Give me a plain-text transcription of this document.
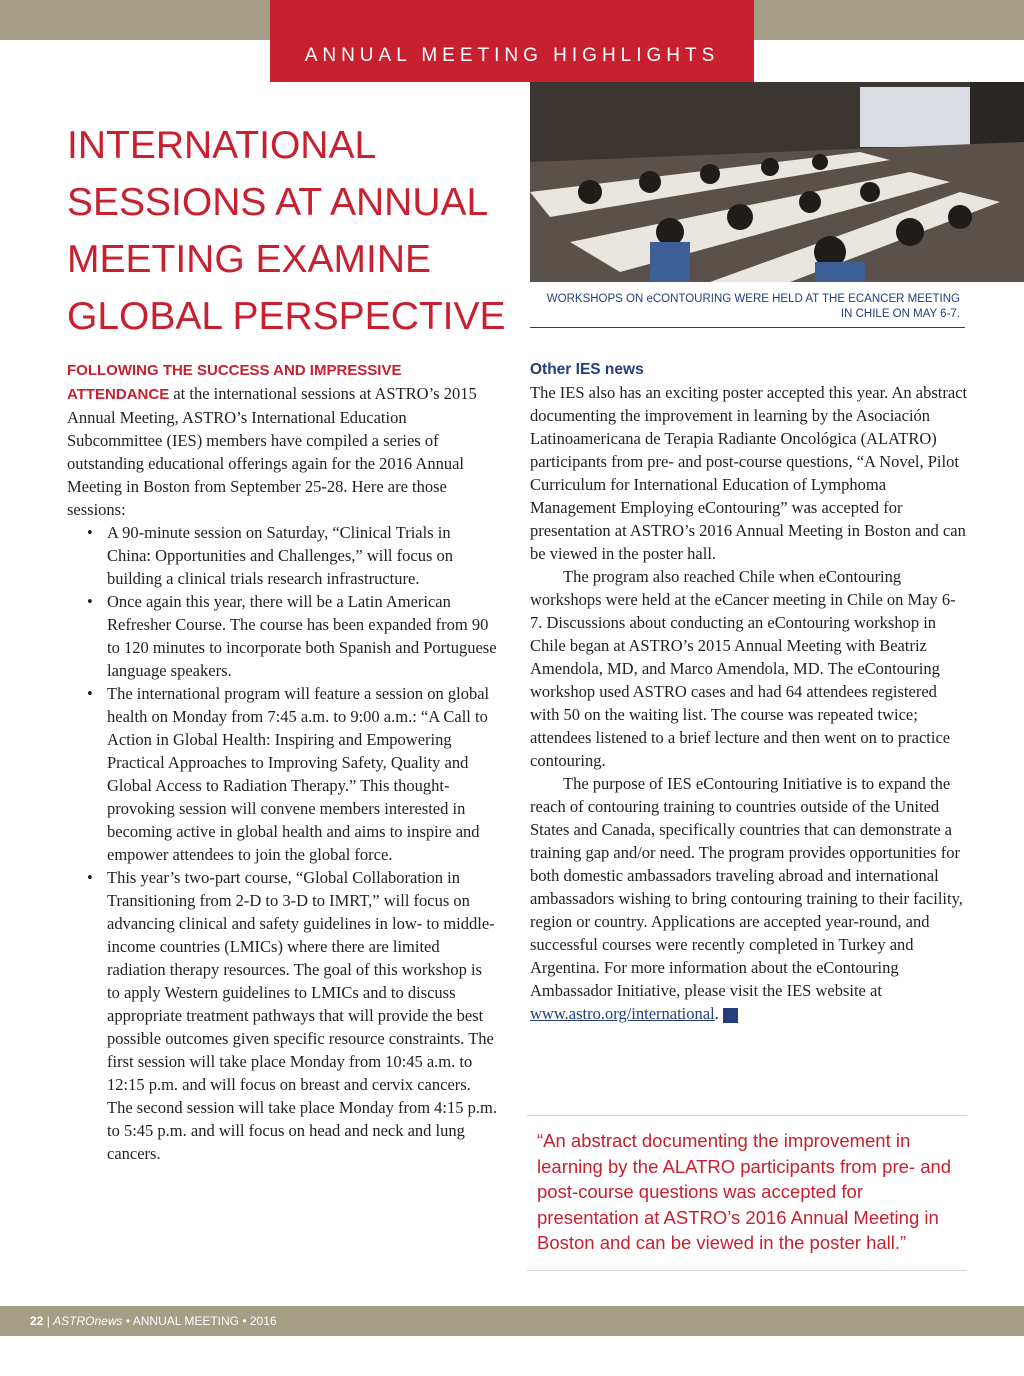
ANNUAL MEETING HIGHLIGHTS
INTERNATIONAL SESSIONS AT ANNUAL MEETING EXAMINE GLOBAL PERSPECTIVE	WORKSHOPS ON eCONTOURING WERE HELD AT THE ECANCER MEETING
IN CHILE ON MAY 6-7.
FOLLOWING THE SUCCESS AND IMPRESSIVE ATTENDANCE at the international sessions at ASTRO’s 2015 Annual Meeting, ASTRO’s International Education Subcommittee (IES) members have compiled a series of outstanding educational offerings again for the 2016 Annual Meeting in Boston from September 25-28. Here are those sessions:
• A 90-minute session on Saturday, “Clinical Trials in China: Opportunities and Challenges,” will focus on building a clinical trials research infrastructure.
• Once again this year, there will be a Latin American Refresher Course. The course has been expanded from 90 to 120 minutes to incorporate both Spanish and Portuguese language speakers.
• The international program will feature a session on global health on Monday from 7:45 a.m. to 9:00 a.m.: “A Call to Action in Global Health: Inspiring and Empowering Practical Approaches to Improving Safety, Quality and Global Access to Radiation Therapy.” This thought-provoking session will convene members interested in becoming active in global health and aims to inspire and empower attendees to join the global force.
• This year’s two-part course, “Global Collaboration in Transitioning from 2-D to 3-D to IMRT,” will focus on advancing clinical and safety guidelines in low- to middle-income countries (LMICs) where there are limited radiation therapy resources. The goal of this workshop is to apply Western guidelines to LMICs and to discuss appropriate treatment pathways that will provide the best possible outcomes given specific resource constraints. The first session will take place Monday from 10:45 a.m. to 12:15 p.m. and will focus on breast and cervix cancers. The second session will take place Monday from 4:15 p.m. to 5:45 p.m. and will focus on head and neck and lung cancers.

Other IES news

The IES also has an exciting poster accepted this year. An abstract documenting the improvement in learning by the Asociación Latinoamericana de Terapia Radiante Oncológica (ALATRO) participants from pre- and post-course questions, “A Novel, Pilot Curriculum for International Education of Lymphoma Management Employing eContouring” was accepted for presentation at ASTRO’s 2016 Annual Meeting in Boston and can be viewed in the poster hall.

The program also reached Chile when eContouring workshops were held at the eCancer meeting in Chile on May 6-7. Discussions about conducting an eContouring workshop in Chile began at ASTRO’s 2015 Annual Meeting with Beatriz Amendola, MD, and Marco Amendola, MD. The eContouring workshop used ASTRO cases and had 64 attendees registered with 50 on the waiting list. The course was repeated twice; attendees listened to a brief lecture and then went on to practice contouring.

The purpose of IES eContouring Initiative is to expand the reach of contouring training to countries outside of the United States and Canada, specifically countries that can demonstrate a training gap and/or need. The program provides opportunities for both domestic ambassadors traveling abroad and international ambassadors wishing to bring contouring training to their facility, region or country. Applications are accepted year-round, and successful courses were recently completed in Turkey and Argentina. For more information about the eContouring Ambassador Initiative, please visit the IES website at www.astro.org/international.	A

“An abstract documenting the improvement in learning by the ALATRO participants from pre- and post-course questions was accepted for presentation at ASTRO’s 2016 Annual Meeting in Boston and can be viewed in the poster hall.”
22 | ASTROnews • ANNUAL MEETING • 2016
